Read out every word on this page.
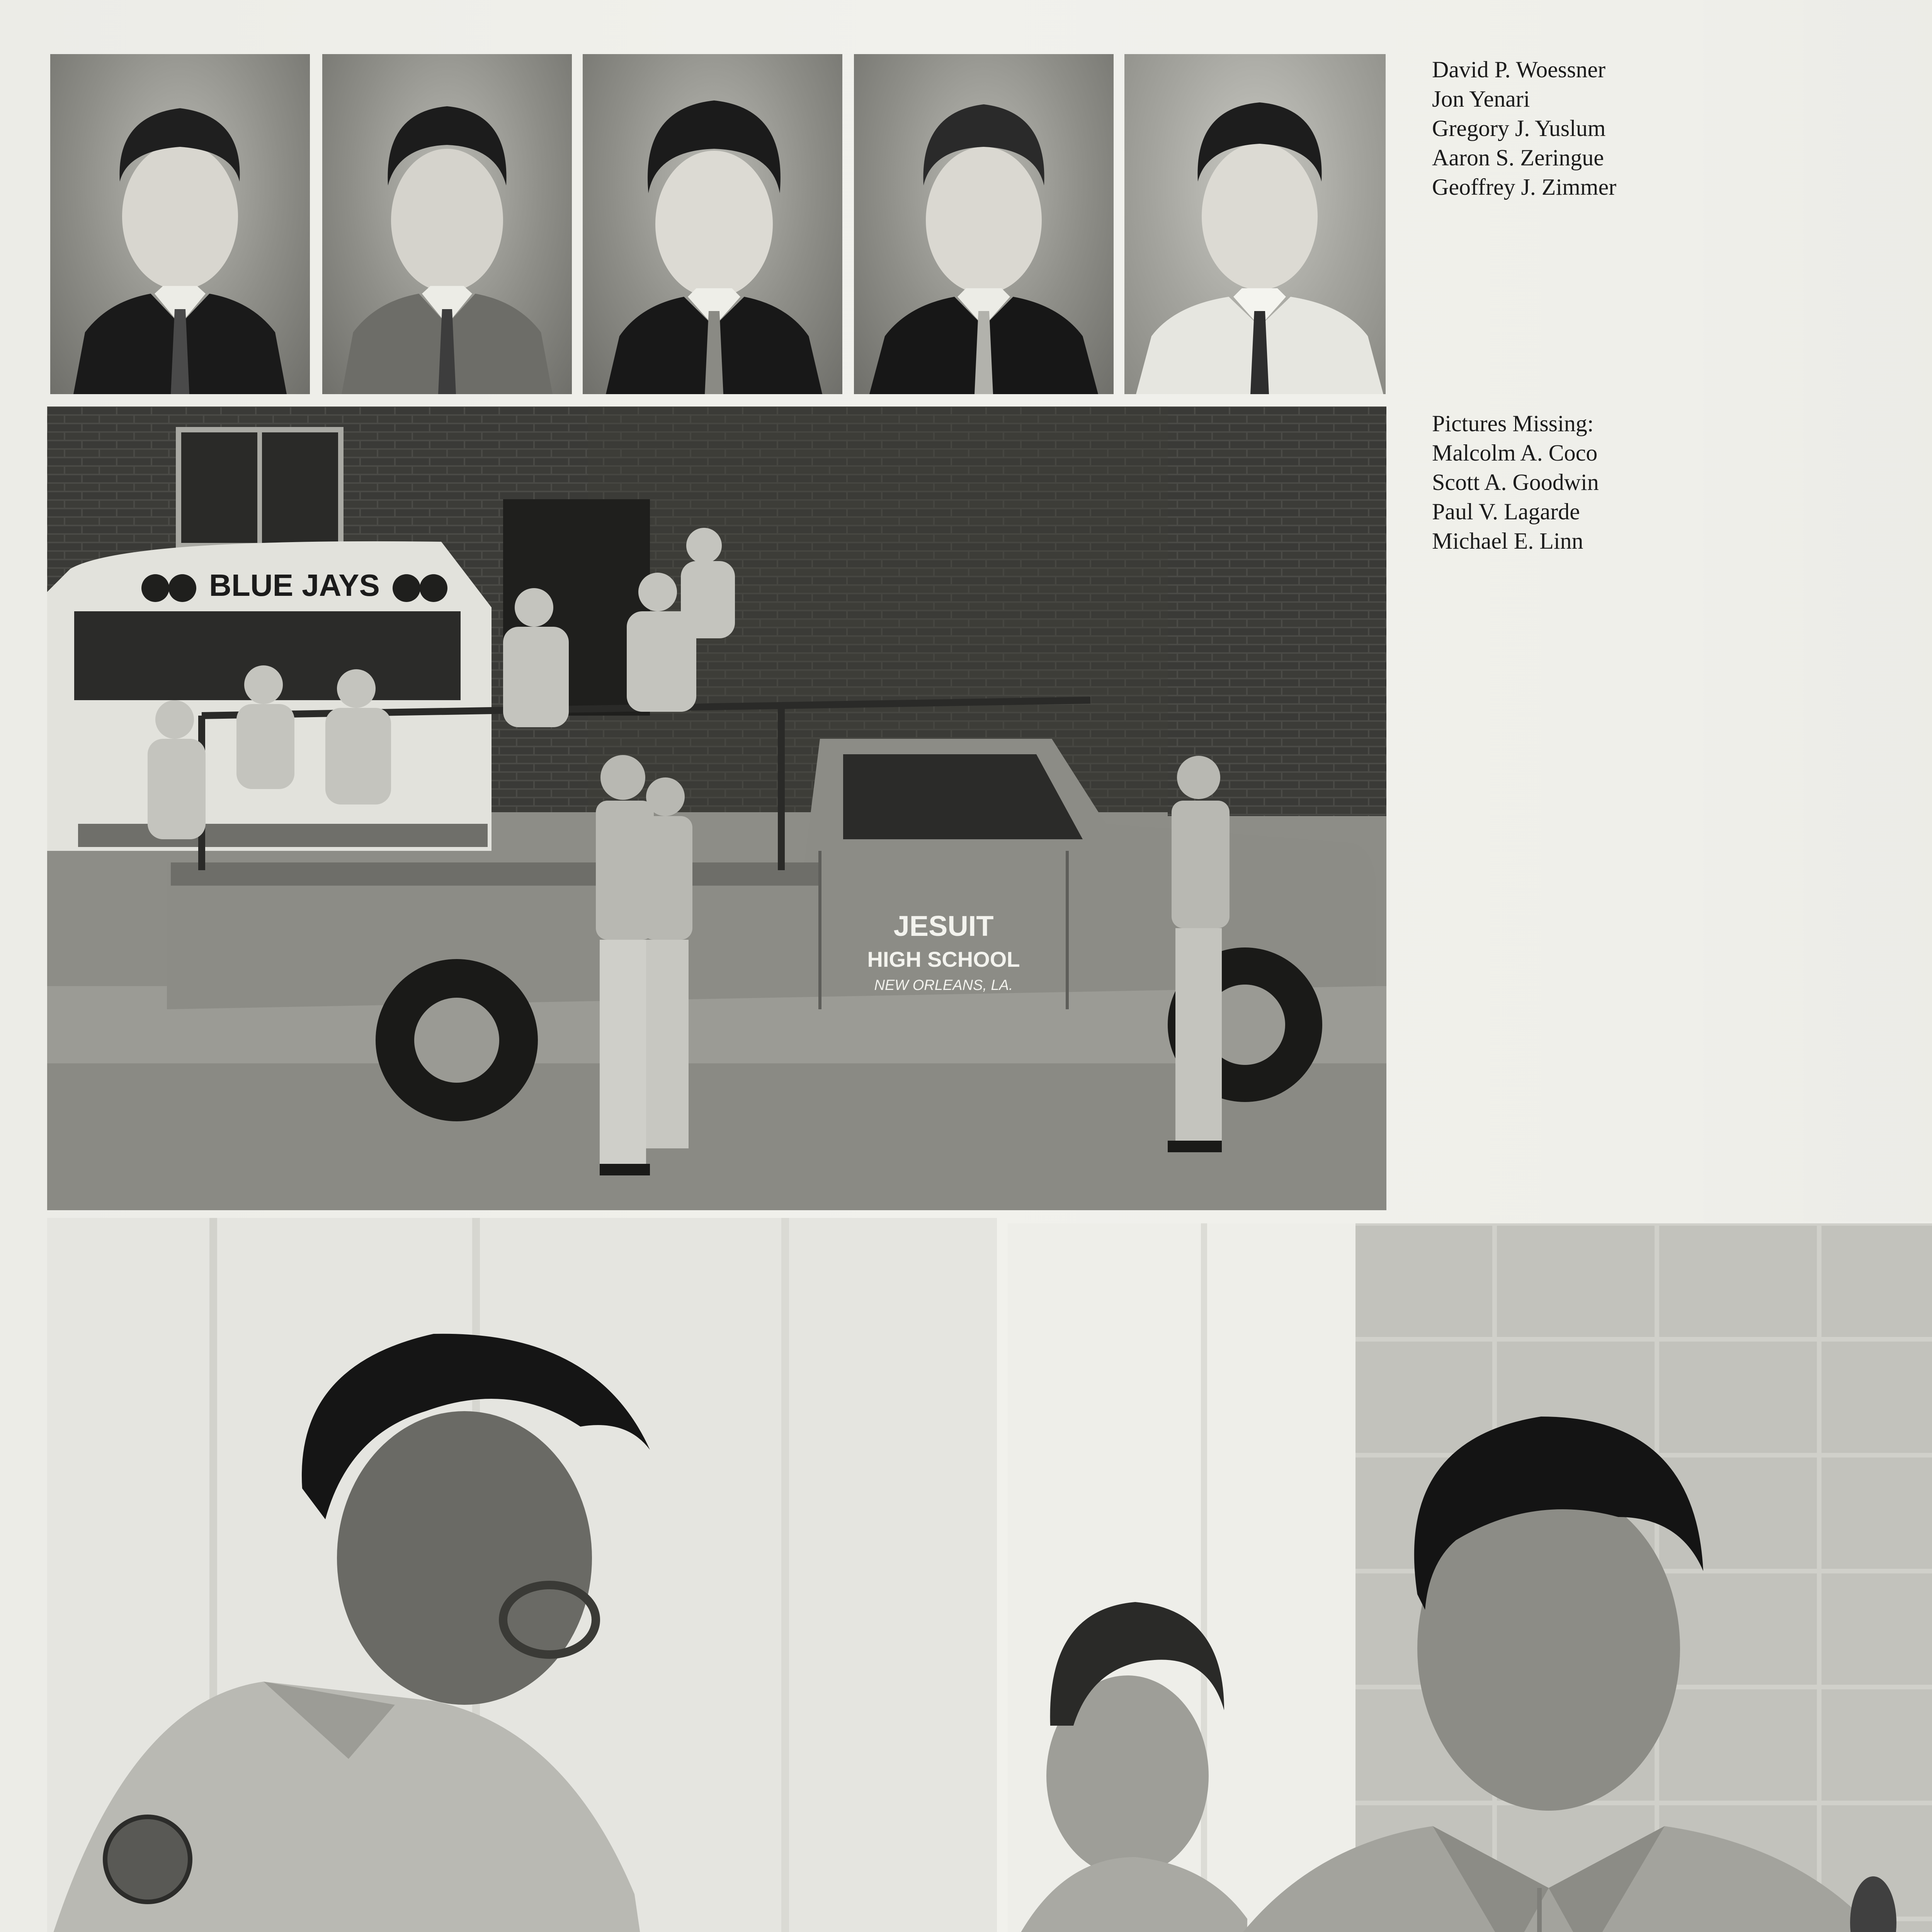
David P. Woessner
Jon Yenari
Gregory J. Yuslum
Aaron S. Zeringue
Geoffrey J. Zimmer
BLUE JAYS
JESUIT
HIGH SCHOOL
NEW ORLEANS, LA.
Pictures Missing:
Malcolm A. Coco
Scott A. Goodwin
Paul V. Lagarde
Michael E. Linn
